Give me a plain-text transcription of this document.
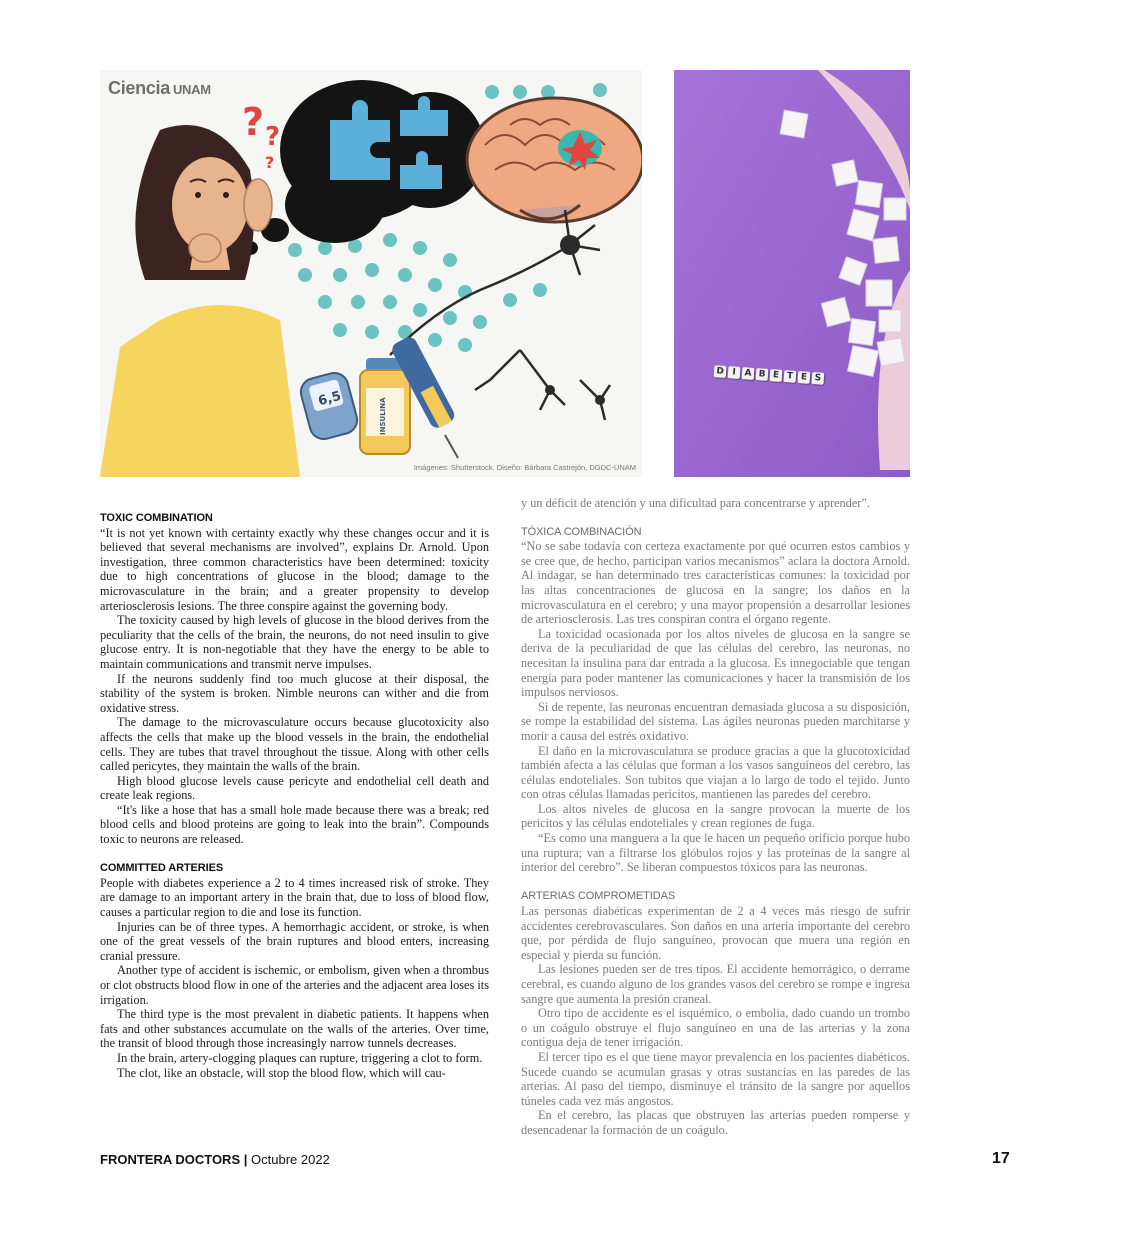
? ?
?
6,5	INSULINA
Ciencia UNAM
Imágenes: Shutterstock. Diseño: Bárbara Castrejón, DGDC-UNAM
D I A B E T E S
TOXIC COMBINATION

“It is not yet known with certainty exactly why these changes occur and it is believed that several mechanisms are involved”, explains Dr. Arnold. Upon investigation, three common characteristics have been determined: toxicity due to high concentrations of glucose in the blood; damage to the microvasculature in the brain; and a greater propensity to develop arteriosclerosis lesions. The three conspire against the governing body.

The toxicity caused by high levels of glucose in the blood derives from the peculiarity that the cells of the brain, the neurons, do not need insulin to give glucose entry. It is non-negotiable that they have the energy to be able to maintain communications and transmit nerve impulses.

If the neurons suddenly find too much glucose at their disposal, the stability of the system is broken. Nimble neurons can wither and die from oxidative stress.

The damage to the microvasculature occurs because glucotoxicity also affects the cells that make up the blood vessels in the brain, the endothelial cells. They are tubes that travel throughout the tissue. Along with other cells called pericytes, they maintain the walls of the brain.

High blood glucose levels cause pericyte and endothelial cell death and create leak regions.

“It's like a hose that has a small hole made because there was a break; red blood cells and blood proteins are going to leak into the brain”. Compounds toxic to neurons are released.

COMMITTED ARTERIES

People with diabetes experience a 2 to 4 times increased risk of stroke. They are damage to an important artery in the brain that, due to loss of blood flow, causes a particular region to die and lose its function.

Injuries can be of three types. A hemorrhagic accident, or stroke, is when one of the great vessels of the brain ruptures and blood enters, increasing cranial pressure.

Another type of accident is ischemic, or embolism, given when a thrombus or clot obstructs blood flow in one of the arteries and the adjacent area loses its irrigation.

The third type is the most prevalent in diabetic patients. It happens when fats and other substances accumulate on the walls of the arteries. Over time, the transit of blood through those increasingly narrow tunnels decreases.

In the brain, artery-clogging plaques can rupture, triggering a clot to form.

The clot, like an obstacle, will stop the blood flow, which will cau-

y un déficit de atención y una dificultad para concentrarse y aprender”.

TÓXICA COMBINACIÓN

“No se sabe todavía con certeza exactamente por qué ocurren estos cambios y se cree que, de hecho, participan varios mecanismos” aclara la doctora Arnold. Al indagar, se han determinado tres características comunes: la toxicidad por las altas concentraciones de glucosa en la sangre; los daños en la microvasculatura en el cerebro; y una mayor propensión a desarrollar lesiones de arteriosclerosis. Las tres conspiran contra el órgano regente.

La toxicidad ocasionada por los altos niveles de glucosa en la sangre se deriva de la peculiaridad de que las células del cerebro, las neuronas, no necesitan la insulina para dar entrada a la glucosa. Es innegociable que tengan energía para poder mantener las comunicaciones y hacer la transmisión de los impulsos nerviosos.

Si de repente, las neuronas encuentran demasiada glucosa a su disposición, se rompe la estabilidad del sistema. Las ágiles neuronas pueden marchitarse y morir a causa del estrés oxidativo.

El daño en la microvasculatura se produce gracias a que la glucotoxicidad también afecta a las células que forman a los vasos sanguíneos del cerebro, las células endoteliales. Son tubitos que viajan a lo largo de todo el tejido. Junto con otras células llamadas pericitos, mantienen las paredes del cerebro.

Los altos niveles de glucosa en la sangre provocan la muerte de los pericitos y las células endoteliales y crean regiones de fuga.

“Es como una manguera a la que le hacen un pequeño orificio porque hubo una ruptura; van a filtrarse los glóbulos rojos y las proteínas de la sangre al interior del cerebro”. Se liberan compuestos tóxicos para las neuronas.

ARTERIAS COMPROMETIDAS

Las personas diabéticas experimentan de 2 a 4 veces más riesgo de sufrir accidentes cerebrovasculares. Son daños en una arteria importante del cerebro que, por pérdida de flujo sanguíneo, provocan que muera una región en especial y pierda su función.

Las lesiones pueden ser de tres tipos. El accidente hemorrágico, o derrame cerebral, es cuando alguno de los grandes vasos del cerebro se rompe e ingresa sangre que aumenta la presión craneal.

Otro tipo de accidente es el isquémico, o embolia, dado cuando un trombo o un coágulo obstruye el flujo sanguíneo en una de las arterias y la zona contigua deja de tener irrigación.

El tercer tipo es el que tiene mayor prevalencia en los pacientes diabéticos. Sucede cuando se acumulan grasas y otras sustancias en las paredes de las arterias. Al paso del tiempo, disminuye el tránsito de la sangre por aquellos túneles cada vez más angostos.

En el cerebro, las placas que obstruyen las arterias pueden romperse y desencadenar la formación de un coágulo.

FRONTERA DOCTORS | Octubre 2022	17
